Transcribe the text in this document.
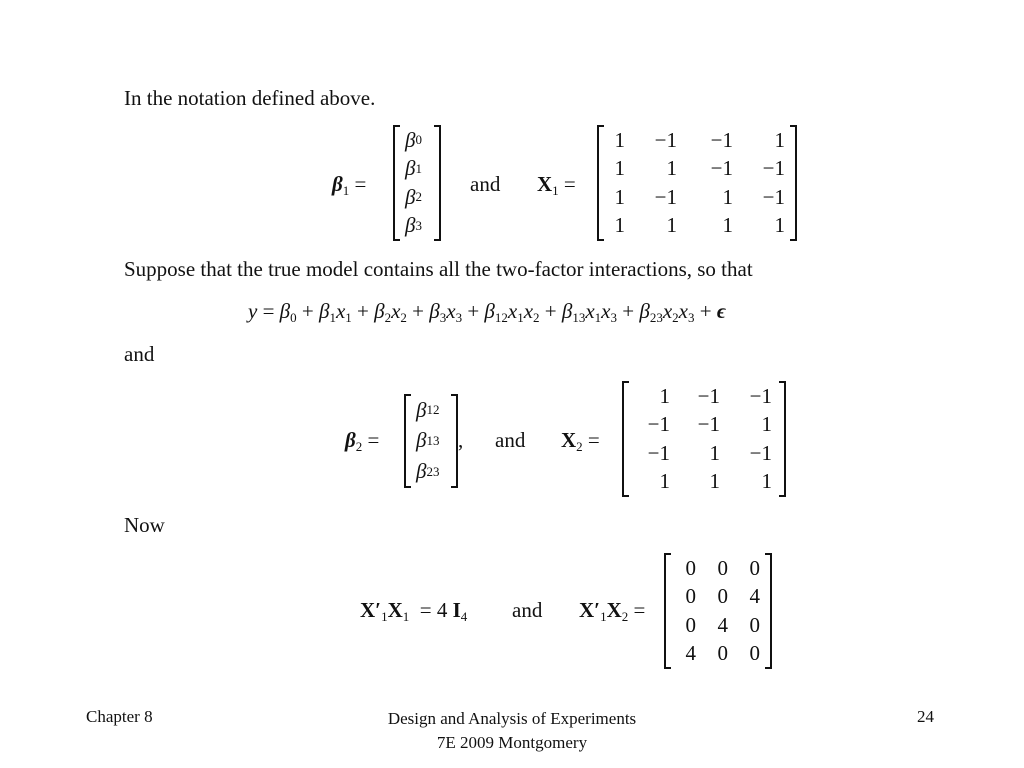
In the notation defined above.
$\beta_1$ =
β 0
β 1
β 2
β 3
and $X_1$ =
1	−1	−1	1
1	1	−1	−1
1	−1	1	−1
1	1	1	1
Suppose that the true model contains all the two-factor interactions, so that
$y = \beta_0 + \beta_1x_1 + \beta_2x_2 + \beta_3x_3 + \beta_{12}x_1x_2 + \beta_{13}x_1x_3 + \beta_{23}x_2x_3 + \epsilon$
and
$\beta_2$ =
β 12
β 13
β 23
, and $X_2$ =
1	−1	−1
−1	−1	1
−1	1	−1
1	1	1
Now
$X'_1X_1 = 4$ $I_4$ and $X'_1X_2$ =
0	0	0
0	0	4
0	4	0
4	0	0
Chapter 8	Design and Analysis of Experiments
7E 2009 Montgomery
24
